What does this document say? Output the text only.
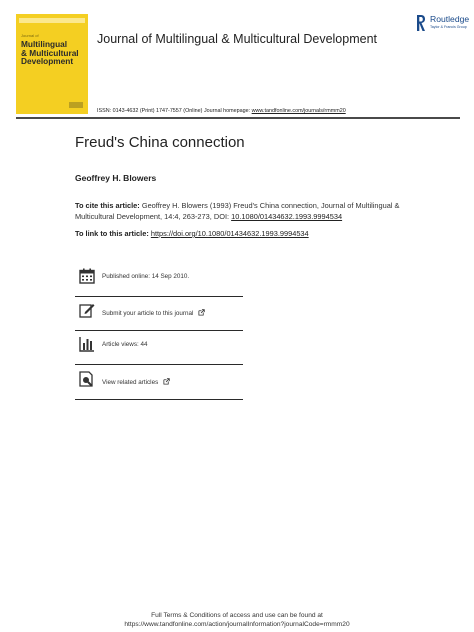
Journal of
Multilingual
& Multicultural
Development
Journal of Multilingual & Multicultural Development
Routledge
Taylor & Francis Group
ISSN: 0143-4632 (Print) 1747-7557 (Online) Journal homepage: www.tandfonline.com/journals/rmmm20
Freud's China connection
Geoffrey H. Blowers
To cite this article: Geoffrey H. Blowers (1993) Freud's China connection, Journal of Multilingual & Multicultural Development, 14:4, 263-273, DOI: 10.1080/01434632.1993.9994534
To link to this article: https://doi.org/10.1080/01434632.1993.9994534
Published online: 14 Sep 2010.
Submit your article to this journal
Article views: 44
View related articles
Full Terms & Conditions of access and use can be found at
https://www.tandfonline.com/action/journalInformation?journalCode=rmmm20
